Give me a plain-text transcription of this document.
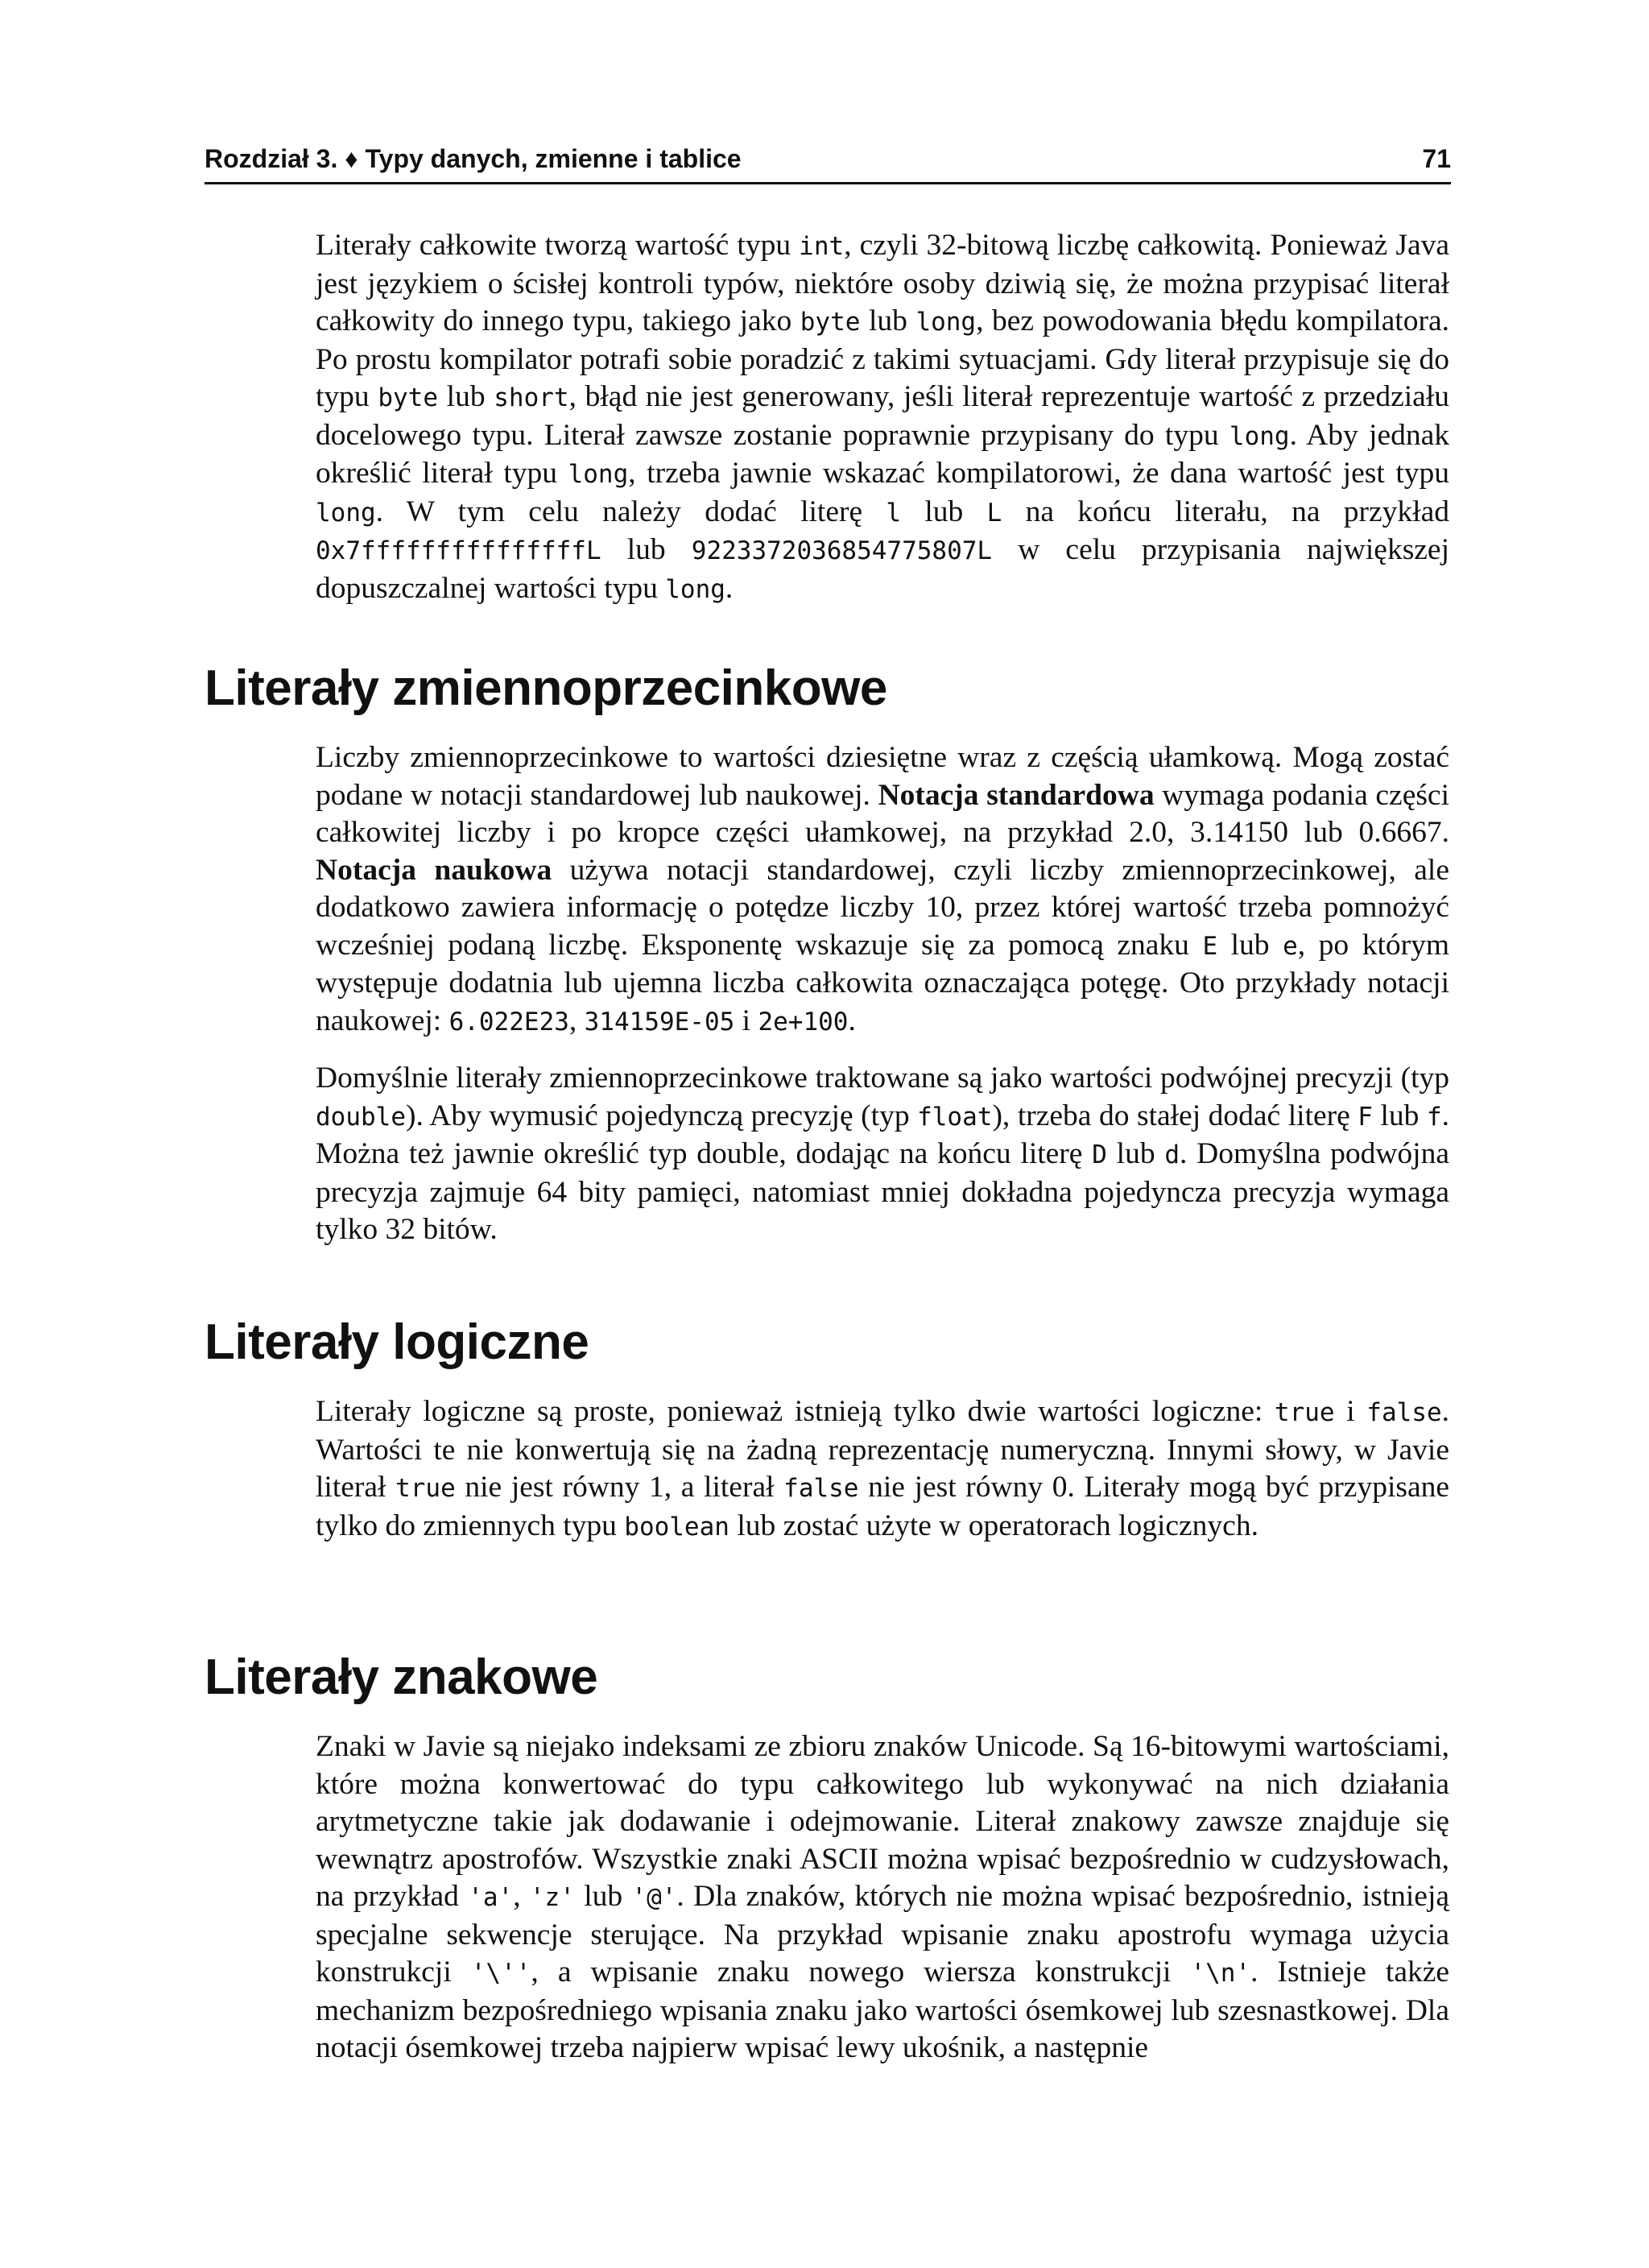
Rozdział 3. ♦ Typy danych, zmienne i tablice	71

Literały całkowite tworzą wartość typu int, czyli 32-bitową liczbę całkowitą. Ponieważ Java jest językiem o ścisłej kontroli typów, niektóre osoby dziwią się, że można przypisać literał całkowity do innego typu, takiego jako byte lub long, bez powodowania błędu kompilatora. Po prostu kompilator potrafi sobie poradzić z takimi sytuacjami. Gdy literał przypisuje się do typu byte lub short, błąd nie jest generowany, jeśli literał reprezentuje wartość z przedziału docelowego typu. Literał zawsze zostanie poprawnie przypisany do typu long. Aby jednak określić literał typu long, trzeba jawnie wskazać kompilatorowi, że dana wartość jest typu long. W tym celu należy dodać literę l lub L na końcu literału, na przykład 0x7fffffffffffffffL lub 9223372036854775807L w celu przypisania największej dopuszczalnej wartości typu long.

Literały zmiennoprzecinkowe

Liczby zmiennoprzecinkowe to wartości dziesiętne wraz z częścią ułamkową. Mogą zostać podane w notacji standardowej lub naukowej. Notacja standardowa wymaga podania części całkowitej liczby i po kropce części ułamkowej, na przykład 2.0, 3.14150 lub 0.6667. Notacja naukowa używa notacji standardowej, czyli liczby zmiennoprzecinkowej, ale dodatkowo zawiera informację o potędze liczby 10, przez której wartość trzeba pomnożyć wcześniej podaną liczbę. Eksponentę wskazuje się za pomocą znaku E lub e, po którym występuje dodatnia lub ujemna liczba całkowita oznaczająca potęgę. Oto przykłady notacji naukowej: 6.022E23, 314159E-05 i 2e+100.

Domyślnie literały zmiennoprzecinkowe traktowane są jako wartości podwójnej precyzji (typ double). Aby wymusić pojedynczą precyzję (typ float), trzeba do stałej dodać literę F lub f. Można też jawnie określić typ double, dodając na końcu literę D lub d. Domyślna podwójna precyzja zajmuje 64 bity pamięci, natomiast mniej dokładna pojedyncza precyzja wymaga tylko 32 bitów.

Literały logiczne

Literały logiczne są proste, ponieważ istnieją tylko dwie wartości logiczne: true i false. Wartości te nie konwertują się na żadną reprezentację numeryczną. Innymi słowy, w Javie literał true nie jest równy 1, a literał false nie jest równy 0. Literały mogą być przypisane tylko do zmiennych typu boolean lub zostać użyte w operatorach logicznych.

Literały znakowe

Znaki w Javie są niejako indeksami ze zbioru znaków Unicode. Są 16-bitowymi wartościami, które można konwertować do typu całkowitego lub wykonywać na nich działania arytmetyczne takie jak dodawanie i odejmowanie. Literał znakowy zawsze znajduje się wewnątrz apostrofów. Wszystkie znaki ASCII można wpisać bezpośrednio w cudzysłowach, na przykład 'a', 'z' lub '@'. Dla znaków, których nie można wpisać bezpośrednio, istnieją specjalne sekwencje sterujące. Na przykład wpisanie znaku apostrofu wymaga użycia konstrukcji '\'', a wpisanie znaku nowego wiersza konstrukcji '\n'. Istnieje także mechanizm bezpośredniego wpisania znaku jako wartości ósemkowej lub szesnastkowej. Dla notacji ósemkowej trzeba najpierw wpisać lewy ukośnik, a następnie
